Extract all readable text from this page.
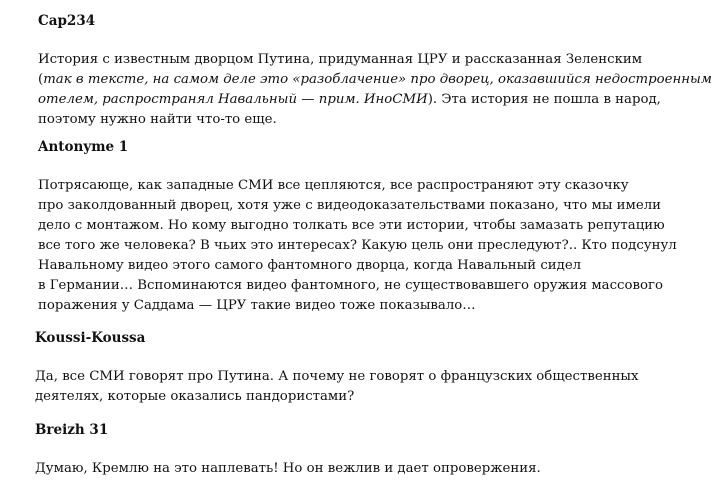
Cap234

История с известным дворцом Путина, придуманная ЦРУ и рассказанная Зеленским
(так в тексте, на самом деле это «разоблачение» про дворец, оказавшийся недостроенным
отелем, распространял Навальный — прим. ИноСМИ). Эта история не пошла в народ,
поэтому нужно найти что-то еще.

Antonyme 1

Потрясающе, как западные СМИ все цепляются, все распространяют эту сказочку
про заколдованный дворец, хотя уже с видеодоказательствами показано, что мы имели
дело с монтажом. Но кому выгодно толкать все эти истории, чтобы замазать репутацию
все того же человека? В чьих это интересах? Какую цель они преследуют?.. Кто подсунул
Навальному видео этого самого фантомного дворца, когда Навальный сидел
в Германии… Вспоминаются видео фантомного, не существовавшего оружия массового
поражения у Саддама — ЦРУ такие видео тоже показывало…

Koussi-Koussa

Да, все СМИ говорят про Путина. А почему не говорят о французских общественных
деятелях, которые оказались пандористами?

Breizh 31

Думаю, Кремлю на это наплевать! Но он вежлив и дает опровержения.
